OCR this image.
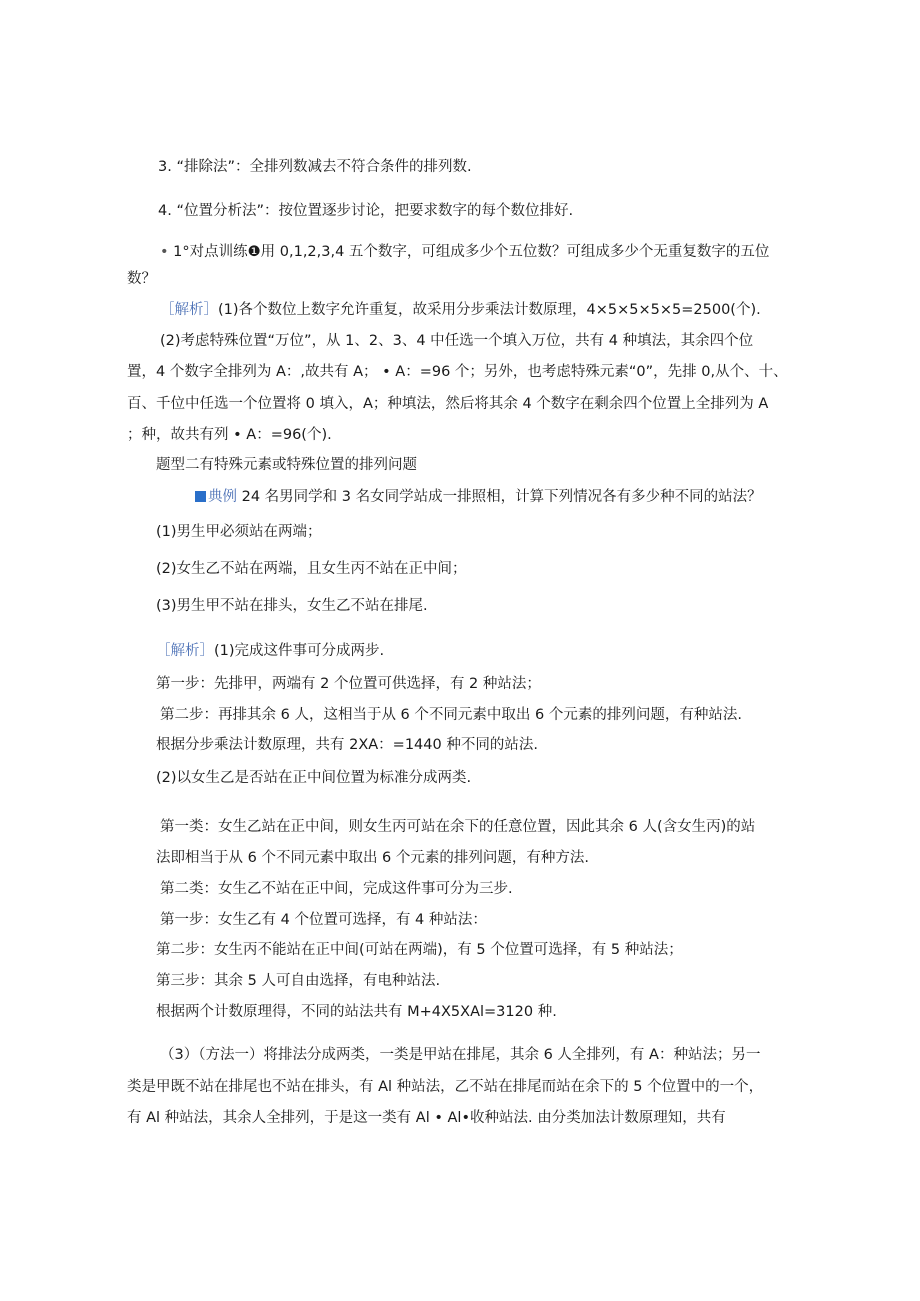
3. “排除法”：全排列数减去不符合条件的排列数.
4. “位置分析法”：按位置逐步讨论，把要求数字的每个数位排好.
• 1°对点训练❶用 0,1,2,3,4 五个数字，可组成多少个五位数？可组成多少个无重复数字的五位
数？
［解析］(1)各个数位上数字允许重复，故采用分步乘法计数原理，4×5×5×5×5=2500(个).
(2)考虑特殊位置“万位”，从 1、2、3、4 中任选一个填入万位，共有 4 种填法，其余四个位
置，4 个数字全排列为 A：,故共有 A； • A：=96 个；另外，也考虑特殊元素“0”，先排 0,从个、十、
百、千位中任选一个位置将 0 填入，A；种填法，然后将其余 4 个数字在剩余四个位置上全排列为 A
；种，故共有列 • A：=96(个).
题型二有特殊元素或特殊位置的排列问题
典例 24 名男同学和 3 名女同学站成一排照相，计算下列情况各有多少种不同的站法？
(1)男生甲必须站在两端；
(2)女生乙不站在两端，且女生丙不站在正中间；
(3)男生甲不站在排头，女生乙不站在排尾.
［解析］(1)完成这件事可分成两步.
第一步：先排甲，两端有 2 个位置可供选择，有 2 种站法；
第二步：再排其余 6 人，这相当于从 6 个不同元素中取出 6 个元素的排列问题，有种站法.
根据分步乘法计数原理，共有 2XA：=1440 种不同的站法.
(2)以女生乙是否站在正中间位置为标准分成两类.
第一类：女生乙站在正中间，则女生丙可站在余下的任意位置，因此其余 6 人(含女生丙)的站
法即相当于从 6 个不同元素中取出 6 个元素的排列问题，有种方法.
第二类：女生乙不站在正中间，完成这件事可分为三步.
第一步：女生乙有 4 个位置可选择，有 4 种站法：
第二步：女生丙不能站在正中间(可站在两端)，有 5 个位置可选择，有 5 种站法；
第三步：其余 5 人可自由选择，有电种站法.
根据两个计数原理得，不同的站法共有 M+4X5XAl=3120 种.
（3）（方法一）将排法分成两类，一类是甲站在排尾，其余 6 人全排列，有 A：种站法；另一
类是甲既不站在排尾也不站在排头，有 Al 种站法，乙不站在排尾而站在余下的 5 个位置中的一个，
有 Al 种站法，其余人全排列，于是这一类有 Al • Al•收种站法. 由分类加法计数原理知，共有
